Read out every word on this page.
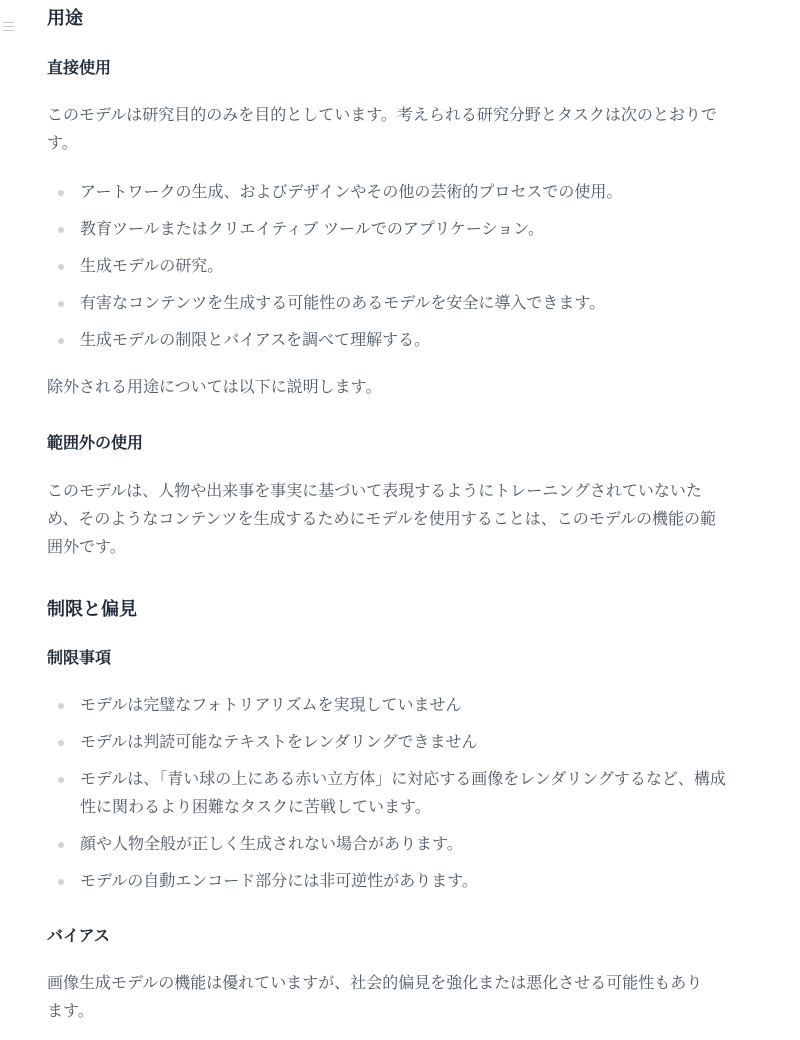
用途
直接使用

このモデルは研究目的のみを目的としています。考えられる研究分野とタスクは次のとおりです。

アートワークの生成、およびデザインやその他の芸術的プロセスでの使用。
教育ツールまたはクリエイティブ ツールでのアプリケーション。
生成モデルの研究。
有害なコンテンツを生成する可能性のあるモデルを安全に導入できます。
生成モデルの制限とバイアスを調べて理解する。

除外される用途については以下に説明します。

範囲外の使用

このモデルは、人物や出来事を事実に基づいて表現するようにトレーニングされていないため、そのようなコンテンツを生成するためにモデルを使用することは、このモデルの機能の範囲外です。

制限と偏見
制限事項
モデルは完璧なフォトリアリズムを実現していません
モデルは判読可能なテキストをレンダリングできません
モデルは、「青い球の上にある赤い立方体」に対応する画像をレンダリングするなど、構成性に関わるより困難なタスクに苦戦しています。
顔や人物全般が正しく生成されない場合があります。
モデルの自動エンコード部分には非可逆性があります。
バイアス

画像生成モデルの機能は優れていますが、社会的偏見を強化または悪化させる可能性もあります。
